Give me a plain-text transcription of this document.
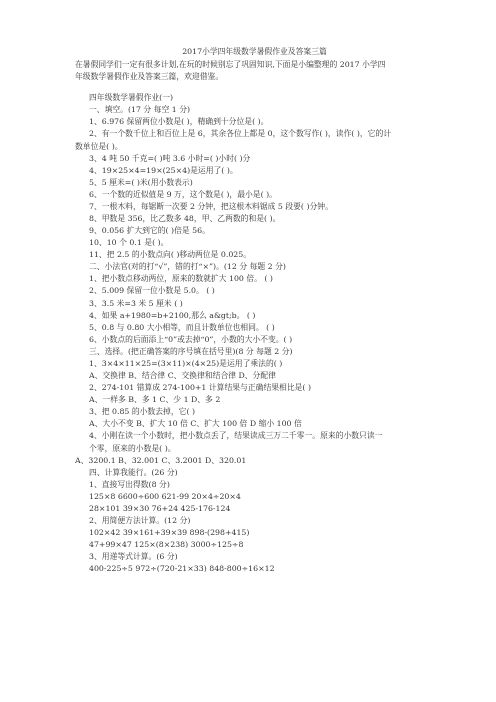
2017小学四年级数学暑假作业及答案三篇

在暑假同学们一定有很多计划,在玩的时候别忘了巩固知识,下面是小编整理的 2017 小学四

年级数学暑假作业及答案三篇，欢迎借鉴。

四年级数学暑假作业(一)

一、填空。(17 分 每空 1 分)

1、6.976 保留两位小数是( )，精确到十分位是( )。

2、有一个数千位上和百位上是 6，其余各位上都是 0，这个数写作( )，读作( )，它的计

数单位是( )。

3、4 吨 50 千克=( )吨 3.6 小时=( )小时( )分

4、19×25×4=19×(25×4)是运用了( )。

5、5 厘米=( )米(用小数表示)

6、一个数的近似值是 9 万，这个数是( )，最小是( )。

7、一根木料，每锯断一次要 2 分钟，把这根木料锯成 5 段要( )分钟。

8、甲数是 356，比乙数多 48，甲、乙两数的和是( )。

9、0.056 扩大到它的( )倍是 56。

10、10 个 0.1 是( )。

11、把 2.5 的小数点向( )移动两位是 0.025。

二、小法官(对的打“√”，错的打“×”)。(12 分 每题 2 分)

1、把小数点移动两位，原来的数就扩大 100 倍。 ( )

2、5.009 保留一位小数是 5.0。 ( )

3、3.5 米=3 米 5 厘米 ( )

4、如果 a+1980=b+2100,那么 a&gt;b。 ( )

5、0.8 与 0.80 大小相等，而且计数单位也相同。 ( )

6、小数点的后面添上“0”或去掉“0”，小数的大小不变。( )

三、选择。(把正确答案的序号填在括号里)(8 分 每题 2 分)

1、3×4×11×25=(3×11)×(4×25)是运用了乘法的( )

A、交换律 B、结合律 C、交换律和结合律 D、分配律

2、274-101 错算成 274-100+1 计算结果与正确结果相比是( )

A、一样多 B、多 1 C、少 1 D、多 2

3、把 0.85 的小数去掉，它( )

A、大小不变 B、扩大 10 倍 C、扩大 100 倍 D 缩小 100 倍

4、小刚在读一个小数时，把小数点丢了，结果读成三万二千零一。原来的小数只读一

个零，原来的小数是( )。

A、3200.1 B、32.001 C、3.2001 D、320.01

四、计算我能行。(26 分)

1、直接写出得数(8 分)

125×8 6600÷600 621-99 20×4÷20×4

28×101 39×30 76+24 425-176-124

2、用简便方法计算。(12 分)

102×42 39×161+39×39 898-(298+415)

47+99×47 125×(8×238) 3000÷125÷8

3、用递等式计算。(6 分)

400-225÷5 972÷(720-21×33) 848-800÷16×12
